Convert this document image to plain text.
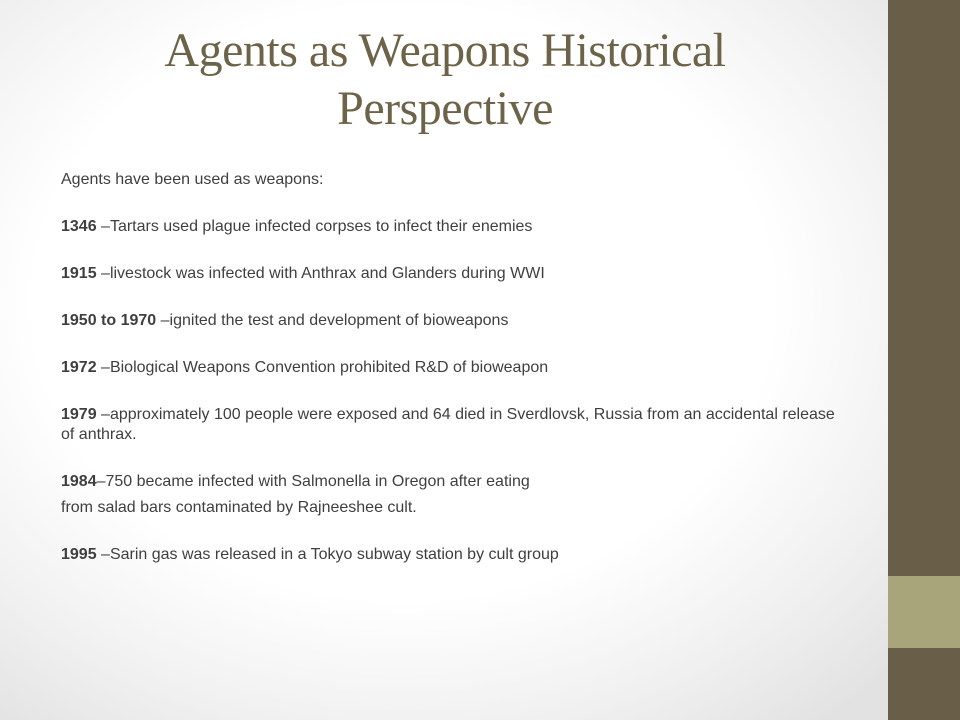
Agents as Weapons Historical Perspective

Agents have been used as weapons:

1346 –Tartars used plague infected corpses to infect their enemies

1915 –livestock was infected with Anthrax and Glanders during WWI

1950 to 1970 –ignited the test and development of bioweapons

1972 –Biological Weapons Convention prohibited R&D of bioweapon

1979 –approximately 100 people were exposed and 64 died in Sverdlovsk, Russia from an accidental release of anthrax.

1984–750 became infected with Salmonella in Oregon after eating

from salad bars contaminated by Rajneeshee cult.

1995 –Sarin gas was released in a Tokyo subway station by cult group
